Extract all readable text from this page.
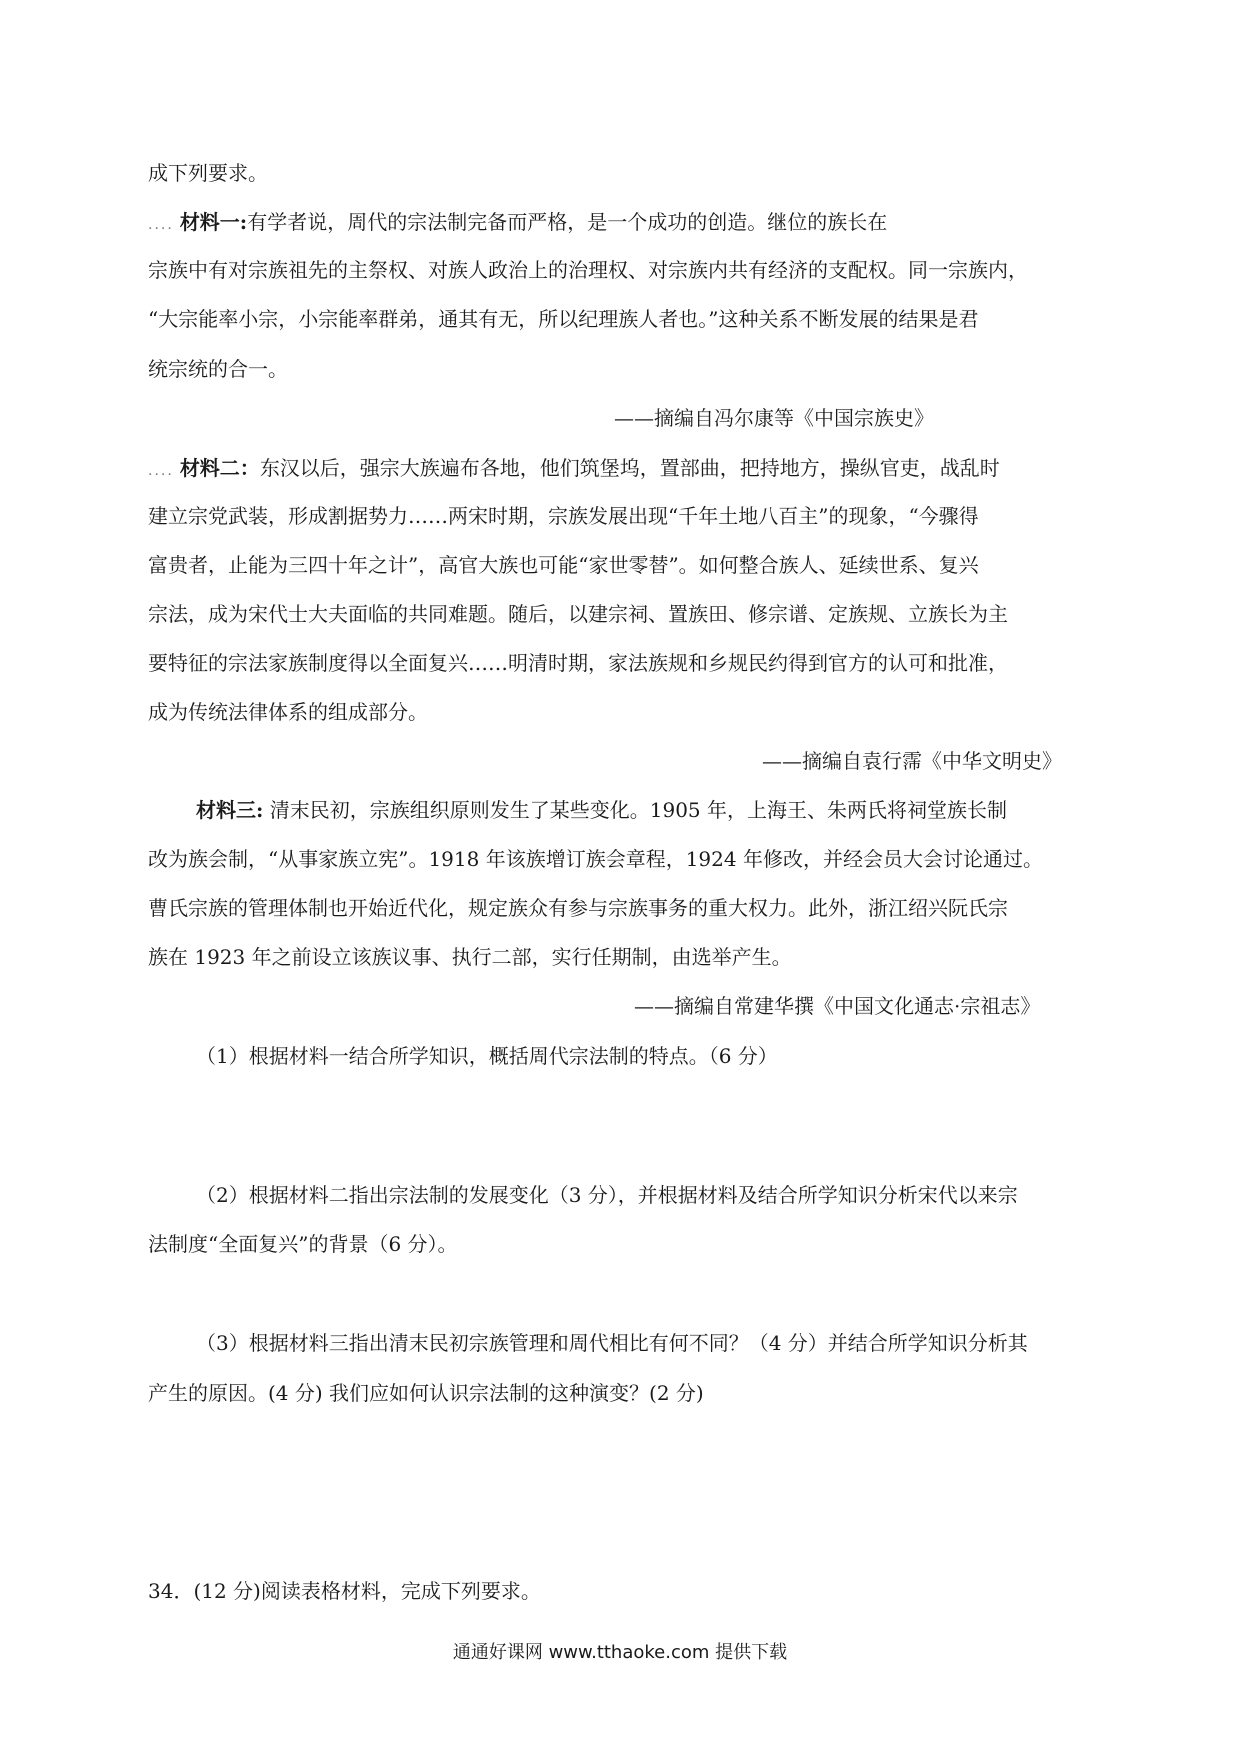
成下列要求。
.... 材料一:有学者说，周代的宗法制完备而严格，是一个成功的创造。继位的族长在
宗族中有对宗族祖先的主祭权、对族人政治上的治理权、对宗族内共有经济的支配权。同一宗族内，
“大宗能率小宗，小宗能率群弟，通其有无，所以纪理族人者也。”这种关系不断发展的结果是君
统宗统的合一。
——摘编自冯尔康等《中国宗族史》
.... 材料二：东汉以后，强宗大族遍布各地，他们筑堡坞，置部曲，把持地方，操纵官吏，战乱时
建立宗党武装，形成割据势力……两宋时期，宗族发展出现“千年土地八百主”的现象，“今骤得
富贵者，止能为三四十年之计”，高官大族也可能“家世零替”。如何整合族人、延续世系、复兴
宗法，成为宋代士大夫面临的共同难题。随后，以建宗祠、置族田、修宗谱、定族规、立族长为主
要特征的宗法家族制度得以全面复兴……明清时期，家法族规和乡规民约得到官方的认可和批准，
成为传统法律体系的组成部分。
——摘编自袁行霈《中华文明史》
材料三: 清末民初，宗族组织原则发生了某些变化。1905 年，上海王、朱两氏将祠堂族长制
改为族会制，“从事家族立宪”。1918 年该族增订族会章程，1924 年修改，并经会员大会讨论通过。
曹氏宗族的管理体制也开始近代化，规定族众有参与宗族事务的重大权力。此外，浙江绍兴阮氏宗
族在 1923 年之前设立该族议事、执行二部，实行任期制，由选举产生。
——摘编自常建华撰《中国文化通志·宗祖志》
（1）根据材料一结合所学知识，概括周代宗法制的特点。（6 分）
（2）根据材料二指出宗法制的发展变化（3 分），并根据材料及结合所学知识分析宋代以来宗
法制度“全面复兴”的背景（6 分）。
（3）根据材料三指出清末民初宗族管理和周代相比有何不同？（4 分）并结合所学知识分析其
产生的原因。(4 分) 我们应如何认识宗法制的这种演变？(2 分)
34．(12 分)阅读表格材料，完成下列要求。
通通好课网 www.tthaoke.com 提供下载
